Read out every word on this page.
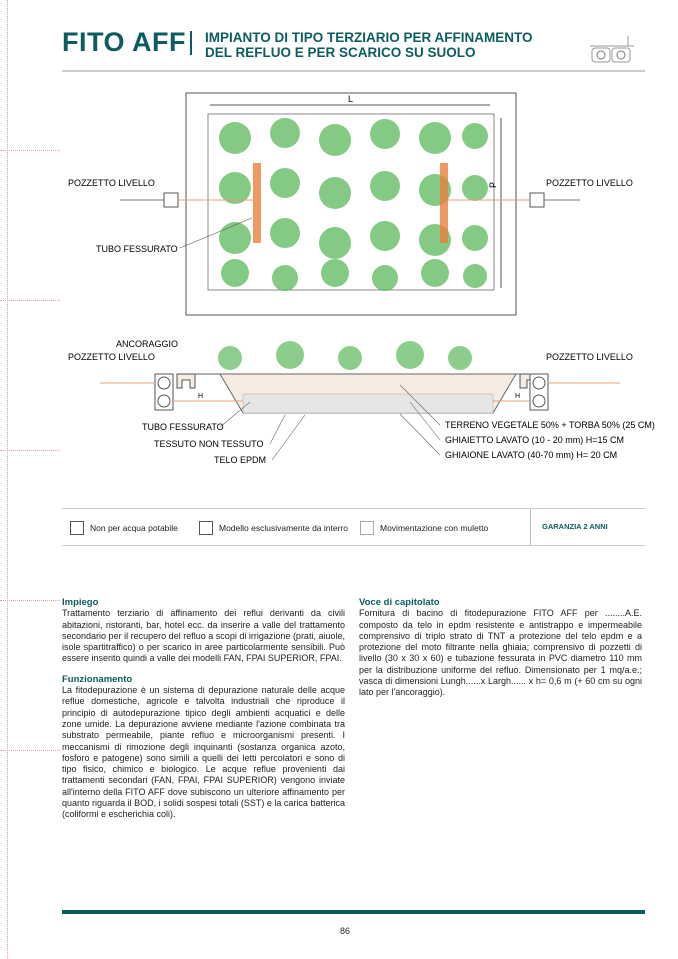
FITO AFF IMPIANTO DI TIPO TERZIARIO PER AFFINAMENTO
DEL REFLUO E PER SCARICO SU SUOLO
L
P
POZZETTO LIVELLO	POZZETTO LIVELLO
TUBO FESSURATO
H	H
ANCORAGGIO
POZZETTO LIVELLO	POZZETTO LIVELLO
TUBO FESSURATO
TESSUTO NON TESSUTO
TELO EPDM
TERRENO VEGETALE 50% + TORBA 50% (25 CM)
GHIAIETTO LAVATO (10 - 20 mm) H=15 CM
GHIAIONE LAVATO (40-70 mm) H= 20 CM
Non per acqua potabile	Modello esclusivamente da interro	Movimentazione con muletto	GARANZIA 2 ANNI
Impiego

Trattamento terziario di affinamento dei reflui derivanti da civili abitazioni, ristoranti, bar, hotel ecc. da inserire a valle del trattamento secondario per il recupero del refluo a scopi di irrigazione (prati, aiuole, isole spartitraffico) o per scarico in aree particolarmente sensibili. Può essere inserito quindi a valle dei modelli FAN, FPAI SUPERIOR, FPAI.

Funzionamento

La fitodepurazione è un sistema di depurazione naturale delle acque reflue domestiche, agricole e talvolta industriali che riproduce il principio di autodepurazione tipico degli ambienti acquatici e delle zone umide. La depurazione avviene mediante l'azione combinata tra substrato permeabile, piante refluo e microorganismi presenti. I meccanismi di rimozione degli inquinanti (sostanza organica azoto, fosforo e patogene) sono simili a quelli dei letti percolatori e sono di tipo fisico, chimico e biologico. Le acque reflue provenienti dai trattamenti secondari (FAN, FPAI, FPAI SUPERIOR) vengono inviate all'interno della FITO AFF dove subiscono un ulteriore affinamento per quanto riguarda il BOD, i solidi sospesi totali (SST) e la carica batterica (coliformi e escherichia coli).

Voce di capitolato

Fornitura di bacino di fitodepurazione FITO AFF per ........A.E. composto da telo in epdm resistente e antistrappo e impermeabile comprensivo di triplo strato di TNT a protezione del telo epdm e a protezione del moto filtrante nella ghiaia; comprensivo di pozzetti di livello (30 x 30 x 60) e tubazione fessurata in PVC diametro 110 mm per la distribuzione uniforme del refluo. Dimensionato per 1 mq/a.e.; vasca di dimensioni Lungh......x Largh...... x h= 0,6 m (+ 60 cm su ogni lato per l'ancoraggio).

86
